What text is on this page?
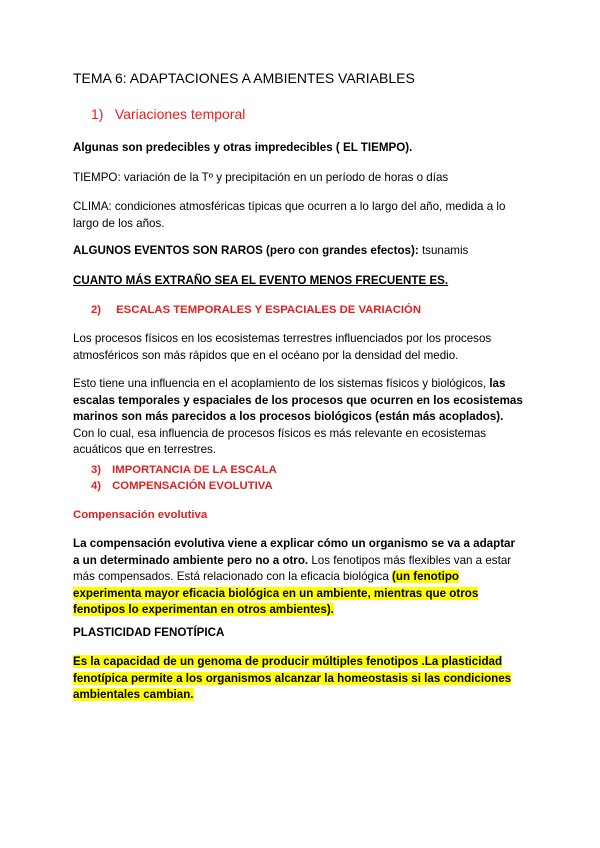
TEMA 6: ADAPTACIONES A AMBIENTES VARIABLES
1) Variaciones temporal
Algunas son predecibles y otras impredecibles ( EL TIEMPO).
TIEMPO: variación de la Tº y precipitación en un período de horas o días
CLIMA: condiciones atmosféricas típicas que ocurren a lo largo del año, medida a lo largo de los años.
ALGUNOS EVENTOS SON RAROS (pero con grandes efectos): tsunamis
CUANTO MÁS EXTRAÑO SEA EL EVENTO MENOS FRECUENTE ES.
2) ESCALAS TEMPORALES Y ESPACIALES DE VARIACIÓN
Los procesos físicos en los ecosistemas terrestres influenciados por los procesos atmosféricos son más rápidos que en el océano por la densidad del medio.
Esto tiene una influencia en el acoplamiento de los sistemas físicos y biológicos, las escalas temporales y espaciales de los procesos que ocurren en los ecosistemas marinos son más parecidos a los procesos biológicos (están más acoplados). Con lo cual, esa influencia de procesos físicos es más relevante en ecosistemas acuáticos que en terrestres.
3) IMPORTANCIA DE LA ESCALA
4) COMPENSACIÓN EVOLUTIVA
Compensación evolutiva
La compensación evolutiva viene a explicar cómo un organismo se va a adaptar a un determinado ambiente pero no a otro. Los fenotipos más flexibles van a estar más compensados. Está relacionado con la eficacia biológica (un fenotipo experimenta mayor eficacia biológica en un ambiente, mientras que otros fenotipos lo experimentan en otros ambientes).
PLASTICIDAD FENOTÍPICA
Es la capacidad de un genoma de producir múltiples fenotipos .La plasticidad fenotípica permite a los organismos alcanzar la homeostasis si las condiciones ambientales cambian.
